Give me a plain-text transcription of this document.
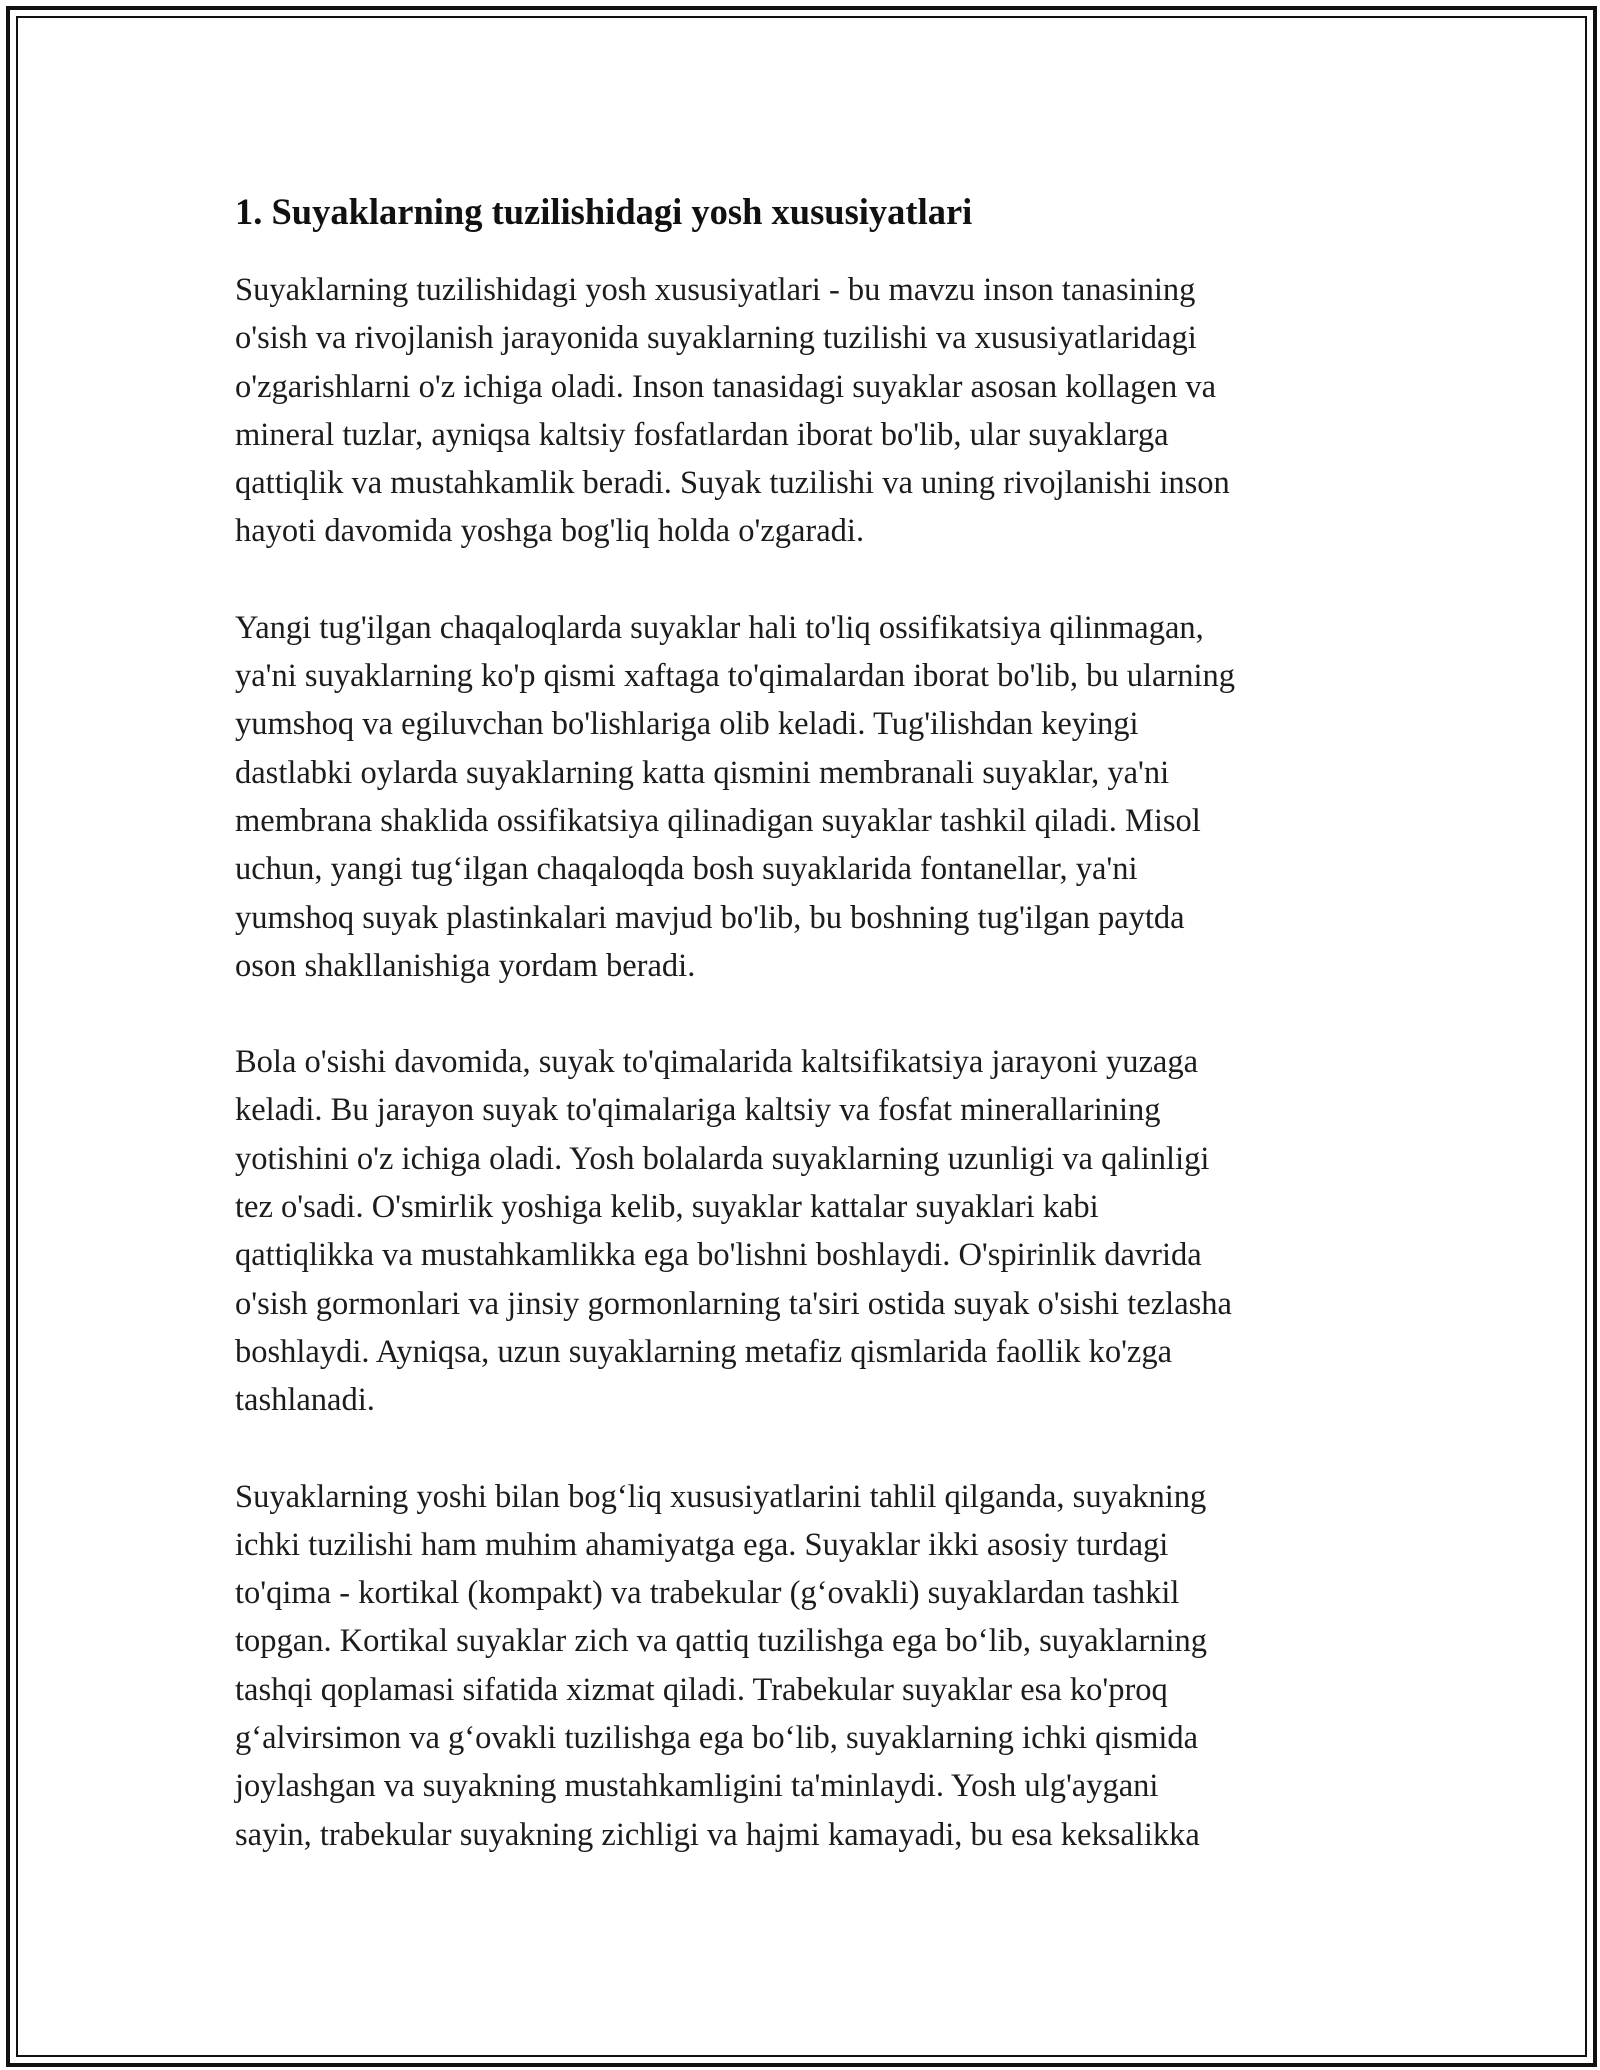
1. Suyaklarning tuzilishidagi yosh xususiyatlari

Suyaklarning tuzilishidagi yosh xususiyatlari - bu mavzu inson tanasining
o'sish va rivojlanish jarayonida suyaklarning tuzilishi va xususiyatlaridagi
o'zgarishlarni o'z ichiga oladi. Inson tanasidagi suyaklar asosan kollagen va
mineral tuzlar, ayniqsa kaltsiy fosfatlardan iborat bo'lib, ular suyaklarga
qattiqlik va mustahkamlik beradi. Suyak tuzilishi va uning rivojlanishi inson
hayoti davomida yoshga bog'liq holda o'zgaradi.

Yangi tug'ilgan chaqaloqlarda suyaklar hali to'liq ossifikatsiya qilinmagan,
ya'ni suyaklarning ko'p qismi xaftaga to'qimalardan iborat bo'lib, bu ularning
yumshoq va egiluvchan bo'lishlariga olib keladi. Tug'ilishdan keyingi
dastlabki oylarda suyaklarning katta qismini membranali suyaklar, ya'ni
membrana shaklida ossifikatsiya qilinadigan suyaklar tashkil qiladi. Misol
uchun, yangi tug‘ilgan chaqaloqda bosh suyaklarida fontanellar, ya'ni
yumshoq suyak plastinkalari mavjud bo'lib, bu boshning tug'ilgan paytda
oson shakllanishiga yordam beradi.

Bola o'sishi davomida, suyak to'qimalarida kaltsifikatsiya jarayoni yuzaga
keladi. Bu jarayon suyak to'qimalariga kaltsiy va fosfat minerallarining
yotishini o'z ichiga oladi. Yosh bolalarda suyaklarning uzunligi va qalinligi
tez o'sadi. O'smirlik yoshiga kelib, suyaklar kattalar suyaklari kabi
qattiqlikka va mustahkamlikka ega bo'lishni boshlaydi. O'spirinlik davrida
o'sish gormonlari va jinsiy gormonlarning ta'siri ostida suyak o'sishi tezlasha
boshlaydi. Ayniqsa, uzun suyaklarning metafiz qismlarida faollik ko'zga
tashlanadi.

Suyaklarning yoshi bilan bog‘liq xususiyatlarini tahlil qilganda, suyakning
ichki tuzilishi ham muhim ahamiyatga ega. Suyaklar ikki asosiy turdagi
to'qima - kortikal (kompakt) va trabekular (g‘ovakli) suyaklardan tashkil
topgan. Kortikal suyaklar zich va qattiq tuzilishga ega bo‘lib, suyaklarning
tashqi qoplamasi sifatida xizmat qiladi. Trabekular suyaklar esa ko'proq
g‘alvirsimon va g‘ovakli tuzilishga ega bo‘lib, suyaklarning ichki qismida
joylashgan va suyakning mustahkamligini ta'minlaydi. Yosh ulg'aygani
sayin, trabekular suyakning zichligi va hajmi kamayadi, bu esa keksalikka
